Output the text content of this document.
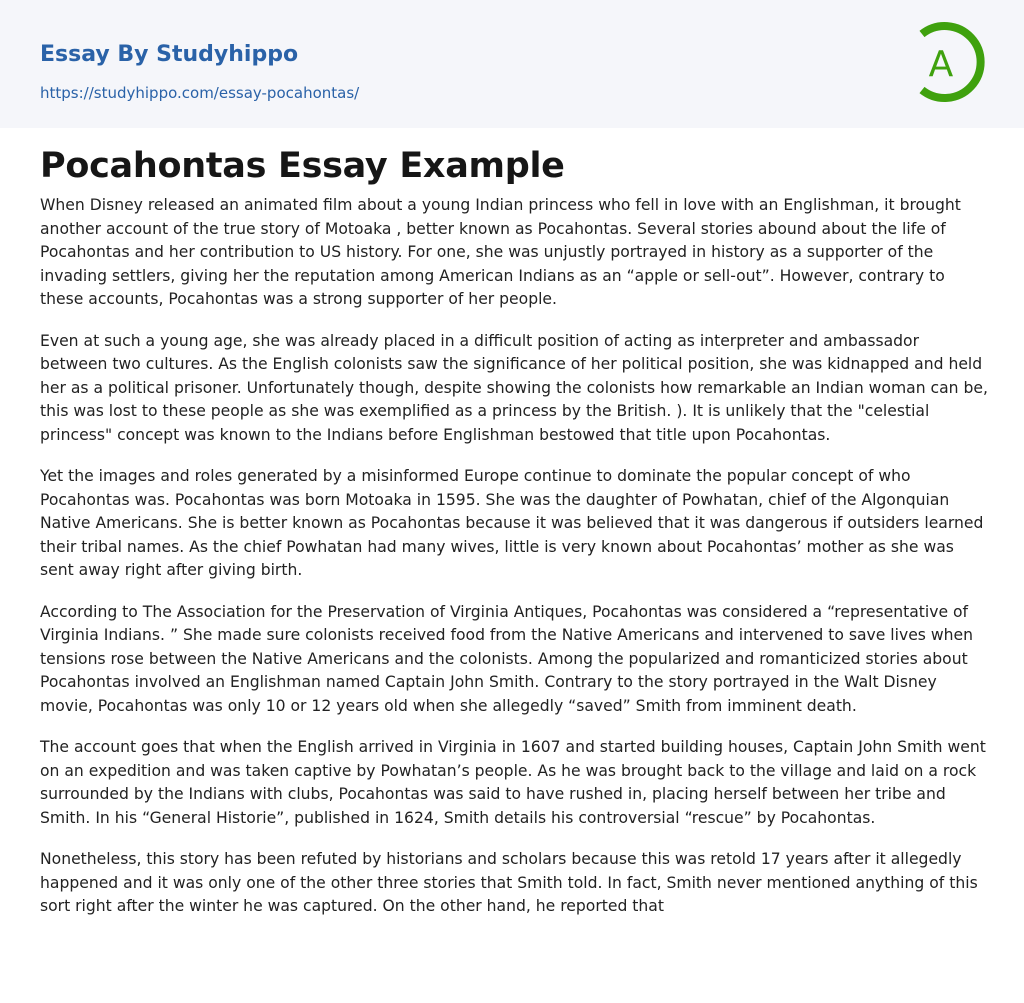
Essay By Studyhippo
https://studyhippo.com/essay-pocahontas/
A
Pocahontas Essay Example

When Disney released an animated film about a young Indian princess who fell in love with an Englishman, it brought another account of the true story of Motoaka , better known as Pocahontas. Several stories abound about the life of Pocahontas and her contribution to US history. For one, she was unjustly portrayed in history as a supporter of the invading settlers, giving her the reputation among American Indians as an “apple or sell-out”. However, contrary to these accounts, Pocahontas was a strong supporter of her people.

Even at such a young age, she was already placed in a difficult position of acting as interpreter and ambassador between two cultures. As the English colonists saw the significance of her political position, she was kidnapped and held her as a political prisoner. Unfortunately though, despite showing the colonists how remarkable an Indian woman can be, this was lost to these people as she was exemplified as a princess by the British. ). It is unlikely that the "celestial princess" concept was known to the Indians before Englishman bestowed that title upon Pocahontas.

Yet the images and roles generated by a misinformed Europe continue to dominate the popular concept of who Pocahontas was. Pocahontas was born Motoaka in 1595. She was the daughter of Powhatan, chief of the Algonquian Native Americans. She is better known as Pocahontas because it was believed that it was dangerous if outsiders learned their tribal names. As the chief Powhatan had many wives, little is very known about Pocahontas’ mother as she was sent away right after giving birth.

According to The Association for the Preservation of Virginia Antiques, Pocahontas was considered a “representative of Virginia Indians. ” She made sure colonists received food from the Native Americans and intervened to save lives when tensions rose between the Native Americans and the colonists. Among the popularized and romanticized stories about Pocahontas involved an Englishman named Captain John Smith. Contrary to the story portrayed in the Walt Disney movie, Pocahontas was only 10 or 12 years old when she allegedly “saved” Smith from imminent death.

The account goes that when the English arrived in Virginia in 1607 and started building houses, Captain John Smith went on an expedition and was taken captive by Powhatan’s people. As he was brought back to the village and laid on a rock surrounded by the Indians with clubs, Pocahontas was said to have rushed in, placing herself between her tribe and Smith. In his “General Historie”, published in 1624, Smith details his controversial “rescue” by Pocahontas.

Nonetheless, this story has been refuted by historians and scholars because this was retold 17 years after it allegedly happened and it was only one of the other three stories that Smith told. In fact, Smith never mentioned anything of this sort right after the winter he was captured. On the other hand, he reported that
